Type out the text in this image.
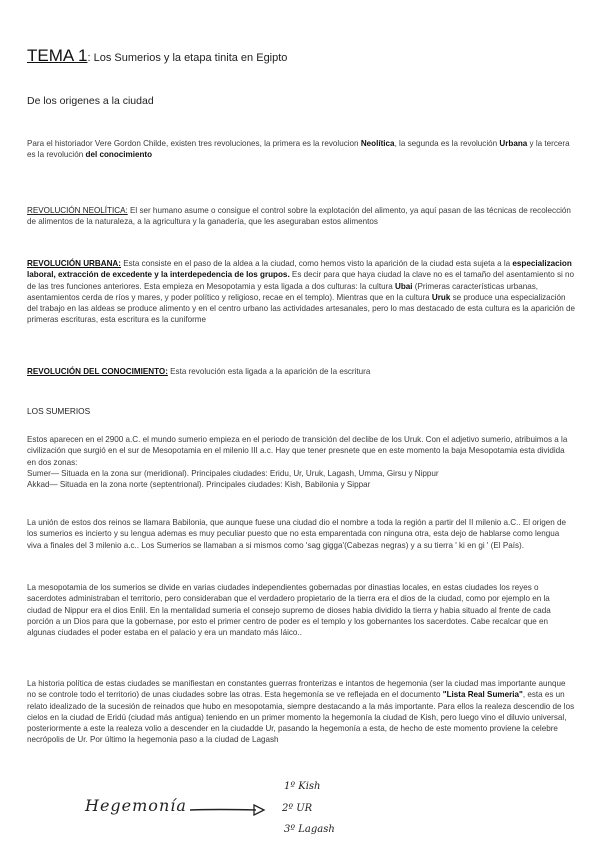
TEMA 1: Los Sumerios y la etapa tinita en Egipto
De los origenes a la ciudad

Para el historiador Vere Gordon Childe, existen tres revoluciones, la primera es la revolucion Neolítica, la segunda es la revolución Urbana y la tercera es la revolución del conocimiento

REVOLUCIÓN NEOLÍTICA: El ser humano asume o consigue el control sobre la explotación del alimento, ya aquí pasan de las técnicas de recolección de alimentos de la naturaleza, a la agricultura y la ganadería, que les aseguraban estos alimentos

REVOLUCIÓN URBANA: Esta consiste en el paso de la aldea a la ciudad, como hemos visto la aparición de la ciudad esta sujeta a la especializacion laboral, extracción de excedente y la interdepedencia de los grupos. Es decir para que haya ciudad la clave no es el tamaño del asentamiento si no de las tres funciones anteriores. Esta empieza en Mesopotamia y esta ligada a dos culturas: la cultura Ubai (Primeras características urbanas, asentamientos cerda de ríos y mares, y poder político y religioso, recae en el templo). Mientras que en la cultura Uruk se produce una especialización del trabajo en las aldeas se produce alimento y en el centro urbano las actividades artesanales, pero lo mas destacado de esta cultura es la aparición de primeras escrituras, esta escritura es la cuniforme

REVOLUCIÓN DEL CONOCIMIENTO: Esta revolución esta ligada a la aparición de la escritura

LOS SUMERIOS

Estos aparecen en el 2900 a.C. el mundo sumerio empieza en el periodo de transición del declibe de los Uruk. Con el adjetivo sumerio, atribuimos a la civilización que surgió en el sur de Mesopotamia en el milenio III a.c. Hay que tener presnete que en este momento la baja Mesopotamia esta dividida en dos zonas:
Sumer— Situada en la zona sur (meridional). Principales ciudades: Eridu, Ur, Uruk, Lagash, Umma, Girsu y Nippur
Akkad— Situada en la zona norte (septentrional). Principales ciudades: Kish, Babilonia y Sippar

La unión de estos dos reinos se llamara Babilonia, que aunque fuese una ciudad dio el nombre a toda la región a partir del II milenio a.C.. El origen de los sumerios es incierto y su lengua ademas es muy peculiar puesto que no esta emparentada con ninguna otra, esta dejo de hablarse como lengua viva a finales del 3 milenio a.c.. Los Sumerios se llamaban a si mismos como 'sag gigga'(Cabezas negras) y a su tierra ' ki en gi ' (El País).

La mesopotamia de los sumerios se divide en varias ciudades independientes gobernadas por dinastias locales, en estas ciudades los reyes o sacerdotes administraban el territorio, pero consideraban que el verdadero propietario de la tierra era el dios de la ciudad, como por ejemplo en la ciudad de Nippur era el dios Enlil. En la mentalidad sumeria el consejo supremo de dioses habia dividido la tierra y habia situado al frente de cada porción a un Dios para que la gobernase, por esto el primer centro de poder es el templo y los gobernantes los sacerdotes. Cabe recalcar que en algunas ciudades el poder estaba en el palacio y era un mandato más láico..

La historia política de estas ciudades se manifiestan en constantes guerras fronterizas e intantos de hegemonia (ser la ciudad mas importante aunque no se controle todo el territorio) de unas ciudades sobre las otras. Esta hegemonía se ve reflejada en el documento "Lista Real Sumeria", esta es un relato idealizado de la sucesión de reinados que hubo en mesopotamia, siempre destacando a la más importante. Para ellos la realeza descendio de los cielos en la ciudad de Eridú (ciudad más antigua) teniendo en un primer momento la hegemonía la ciudad de Kish, pero luego vino el diluvio universal, posteriormente a este la realeza volio a descender en la ciudadde Ur, pasando la hegemonía a esta, de hecho de este momento proviene la celebre necrópolis de Ur. Por último la hegemonia paso a la ciudad de Lagash

Hegemonía
1º Kish
2º UR
3º Lagash
